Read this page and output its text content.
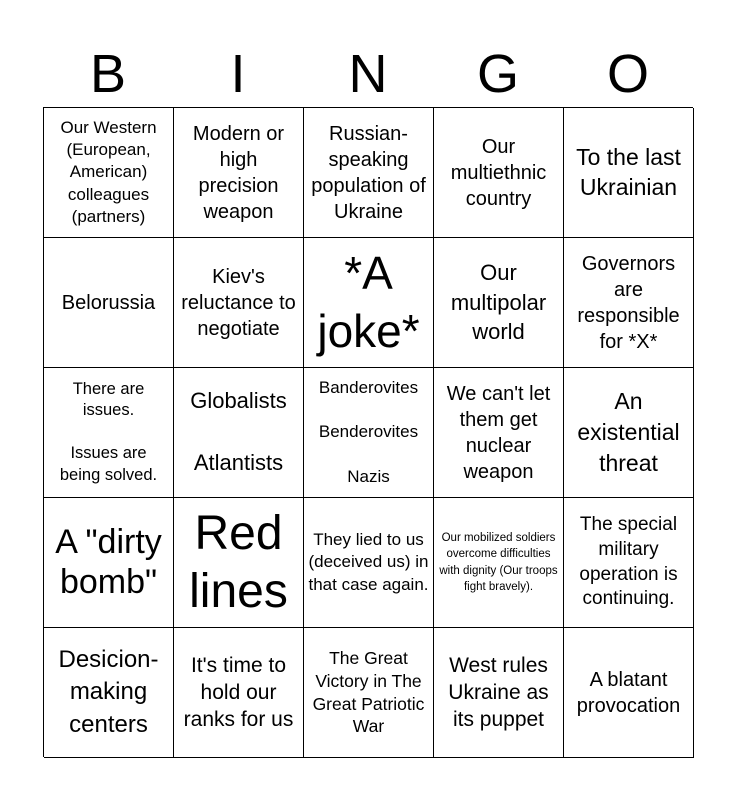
B	I	N	G	O
Our Western (European, American) colleagues (partners)
Modern or high precision weapon
Russian-speaking population of Ukraine
Our multiethnic country
To the last Ukrainian
Belorussia
Kiev's reluctance to negotiate
*A joke*
Our multipolar world
Governors are responsible for *X*
There are issues.

Issues are being solved.
Globalists

Atlantists
Banderovites

Benderovites

Nazis
We can't let them get nuclear weapon
An existential threat
A "dirty bomb"
Red lines
They lied to us (deceived us) in that case again.
Our mobilized soldiers overcome difficulties with dignity (Our troops fight bravely).
The special military operation is continuing.
Desicion-making centers
It's time to hold our ranks for us
The Great Victory in The Great Patriotic War
West rules Ukraine as its puppet
A blatant provocation
